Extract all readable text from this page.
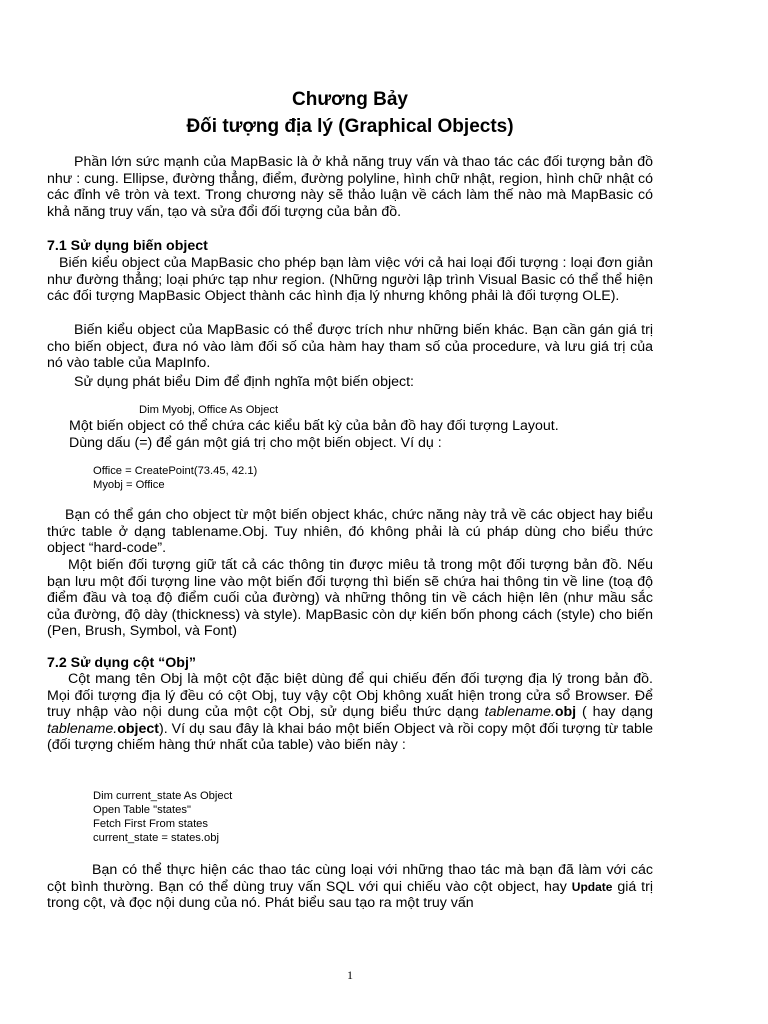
Chương Bảy
Đối tượng địa lý (Graphical Objects)
Phần lớn sức mạnh của MapBasic là ở khả năng truy vấn và thao tác các đối tượng bản đồ như : cung. Ellipse, đường thẳng, điểm, đường polyline, hình chữ nhật, region, hình chữ nhật có các đỉnh vê tròn và text. Trong chương này sẽ thảo luận về cách làm thế nào mà MapBasic có khả năng truy vấn, tạo và sửa đổi đối tượng của bản đồ.
7.1 Sử dụng biến object
Biến kiểu object của MapBasic cho phép bạn làm việc với cả hai loại đối tượng : loại đơn giản như đường thẳng; loại phức tạp như region. (Những người lập trình Visual Basic có thể thể hiện các đối tượng MapBasic Object thành các hình địa lý nhưng không phải là đối tượng OLE).
Biến kiểu object của MapBasic có thể được trích như những biến khác. Bạn cần gán giá trị cho biến object, đưa nó vào làm đối số của hàm hay tham số của procedure, và lưu giá trị của nó vào table của MapInfo.
Sử dụng phát biểu Dim để định nghĩa một biến object:
Dim Myobj, Office As Object
Một biến object có thể chứa các kiểu bất kỳ của bản đồ hay đối tượng Layout.
Dùng dấu (=) để gán một giá trị cho một biến object. Ví dụ :
Office = CreatePoint(73.45, 42.1)
Myobj = Office
Bạn có thể gán cho object từ một biến object khác, chức năng này trả về các object hay biểu thức table ở dạng tablename.Obj. Tuy nhiên, đó không phải là cú pháp dùng cho biểu thức object “hard-code”.
Một biến đối tượng giữ tất cả các thông tin được miêu tả trong một đối tượng bản đồ. Nếu bạn lưu một đối tượng line vào một biến đối tượng thì biến sẽ chứa hai thông tin về line (toạ độ điểm đầu và toạ độ điểm cuối của đường) và những thông tin về cách hiện lên (như mầu sắc của đường, độ dày (thickness) và style). MapBasic còn dự kiến bốn phong cách (style) cho biến (Pen, Brush, Symbol, và Font)
7.2 Sử dụng cột “Obj”
Cột mang tên Obj là một cột đặc biệt dùng để qui chiếu đến đối tượng địa lý trong bản đồ. Mọi đối tượng địa lý đều có cột Obj, tuy vậy cột Obj không xuất hiện trong cửa sổ Browser. Để truy nhập vào nội dung của một cột Obj, sử dụng biểu thức dạng tablename.obj ( hay dạng tablename.object). Ví dụ sau đây là khai báo một biến Object và rồi copy một đối tượng từ table (đối tượng chiếm hàng thứ nhất của table) vào biến này :
Dim current_state As Object
Open Table "states"
Fetch First From states
current_state = states.obj
Bạn có thể thực hiện các thao tác cùng loại với những thao tác mà bạn đã làm với các cột bình thường. Bạn có thể dùng truy vấn SQL với qui chiếu vào cột object, hay Update giá trị trong cột, và đọc nội dung của nó. Phát biểu sau tạo ra một truy vấn
1
